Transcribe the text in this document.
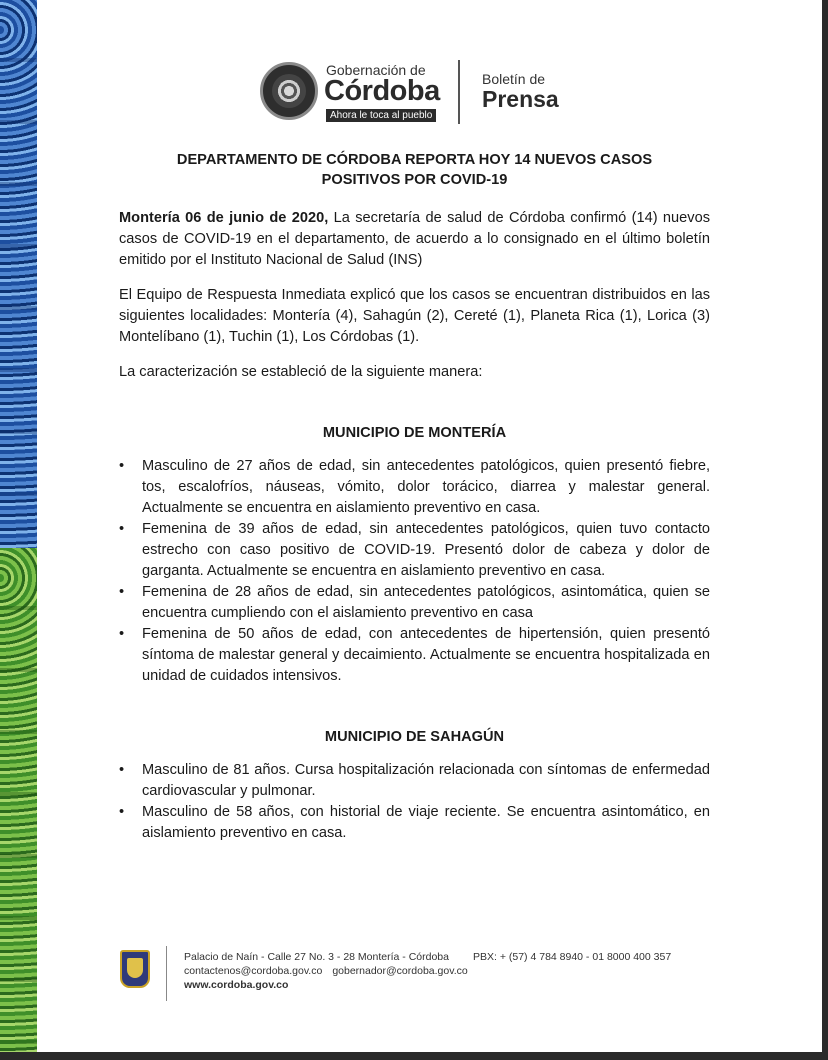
Gobernación de
Córdoba
Ahora le toca al pueblo
Boletín de
Prensa
DEPARTAMENTO DE CÓRDOBA REPORTA HOY 14 NUEVOS CASOS POSITIVOS POR COVID-19

Montería 06 de junio de 2020, La secretaría de salud de Córdoba confirmó (14) nuevos casos de COVID-19 en el departamento, de acuerdo a lo consignado en el último boletín emitido por el Instituto Nacional de Salud (INS)

El Equipo de Respuesta Inmediata explicó que los casos se encuentran distribuidos en las siguientes localidades: Montería (4), Sahagún (2), Cereté (1), Planeta Rica (1), Lorica (3) Montelíbano (1), Tuchin (1), Los Córdobas (1).

La caracterización se estableció de la siguiente manera:

MUNICIPIO DE MONTERÍA
• Masculino de 27 años de edad, sin antecedentes patológicos, quien presentó fiebre, tos, escalofríos, náuseas, vómito, dolor torácico, diarrea y malestar general. Actualmente se encuentra en aislamiento preventivo en casa.
• Femenina de 39 años de edad, sin antecedentes patológicos, quien tuvo contacto estrecho con caso positivo de COVID-19. Presentó dolor de cabeza y dolor de garganta. Actualmente se encuentra en aislamiento preventivo en casa.
• Femenina de 28 años de edad, sin antecedentes patológicos, asintomática, quien se encuentra cumpliendo con el aislamiento preventivo en casa
• Femenina de 50 años de edad, con antecedentes de hipertensión, quien presentó síntoma de malestar general y decaimiento. Actualmente se encuentra hospitalizada en unidad de cuidados intensivos.
MUNICIPIO DE SAHAGÚN
• Masculino de 81 años. Cursa hospitalización relacionada con síntomas de enfermedad cardiovascular y pulmonar.
• Masculino de 58 años, con historial de viaje reciente. Se encuentra asintomático, en aislamiento preventivo en casa.
Palacio de Naín - Calle 27 No. 3 - 28 Montería - Córdoba PBX: + (57) 4 784 8940 - 01 8000 400 357
contactenos@cordoba.gov.co gobernador@cordoba.gov.co
www.cordoba.gov.co
